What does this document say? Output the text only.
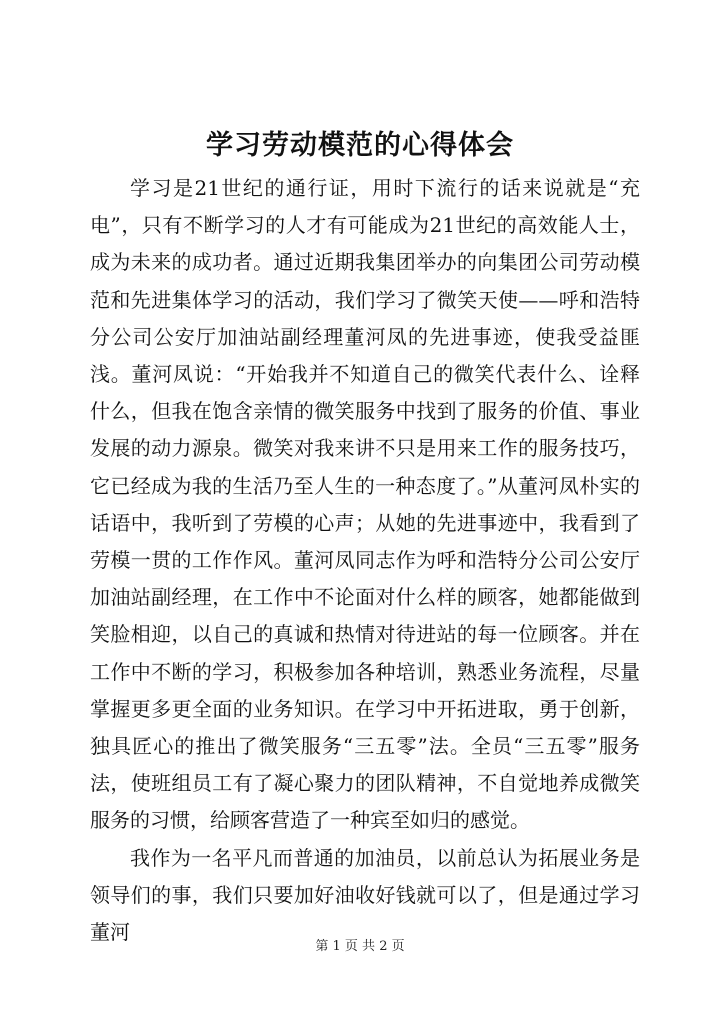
学习劳动模范的心得体会

学习是21世纪的通行证，用时下流行的话来说就是“充电”，只有不断学习的人才有可能成为21世纪的高效能人士，成为未来的成功者。通过近期我集团举办的向集团公司劳动模范和先进集体学习的活动，我们学习了微笑天使——呼和浩特分公司公安厅加油站副经理董河凤的先进事迹，使我受益匪浅。董河凤说：“开始我并不知道自己的微笑代表什么、诠释什么，但我在饱含亲情的微笑服务中找到了服务的价值、事业发展的动力源泉。微笑对我来讲不只是用来工作的服务技巧，它已经成为我的生活乃至人生的一种态度了。”从董河凤朴实的话语中，我听到了劳模的心声；从她的先进事迹中，我看到了劳模一贯的工作作风。董河凤同志作为呼和浩特分公司公安厅加油站副经理，在工作中不论面对什么样的顾客，她都能做到笑脸相迎，以自己的真诚和热情对待进站的每一位顾客。并在工作中不断的学习，积极参加各种培训，熟悉业务流程，尽量掌握更多更全面的业务知识。在学习中开拓进取，勇于创新，独具匠心的推出了微笑服务“三五零”法。全员“三五零”服务法，使班组员工有了凝心聚力的团队精神，不自觉地养成微笑服务的习惯，给顾客营造了一种宾至如归的感觉。

我作为一名平凡而普通的加油员，以前总认为拓展业务是领导们的事，我们只要加好油收好钱就可以了，但是通过学习董河

第 1 页 共 2 页
